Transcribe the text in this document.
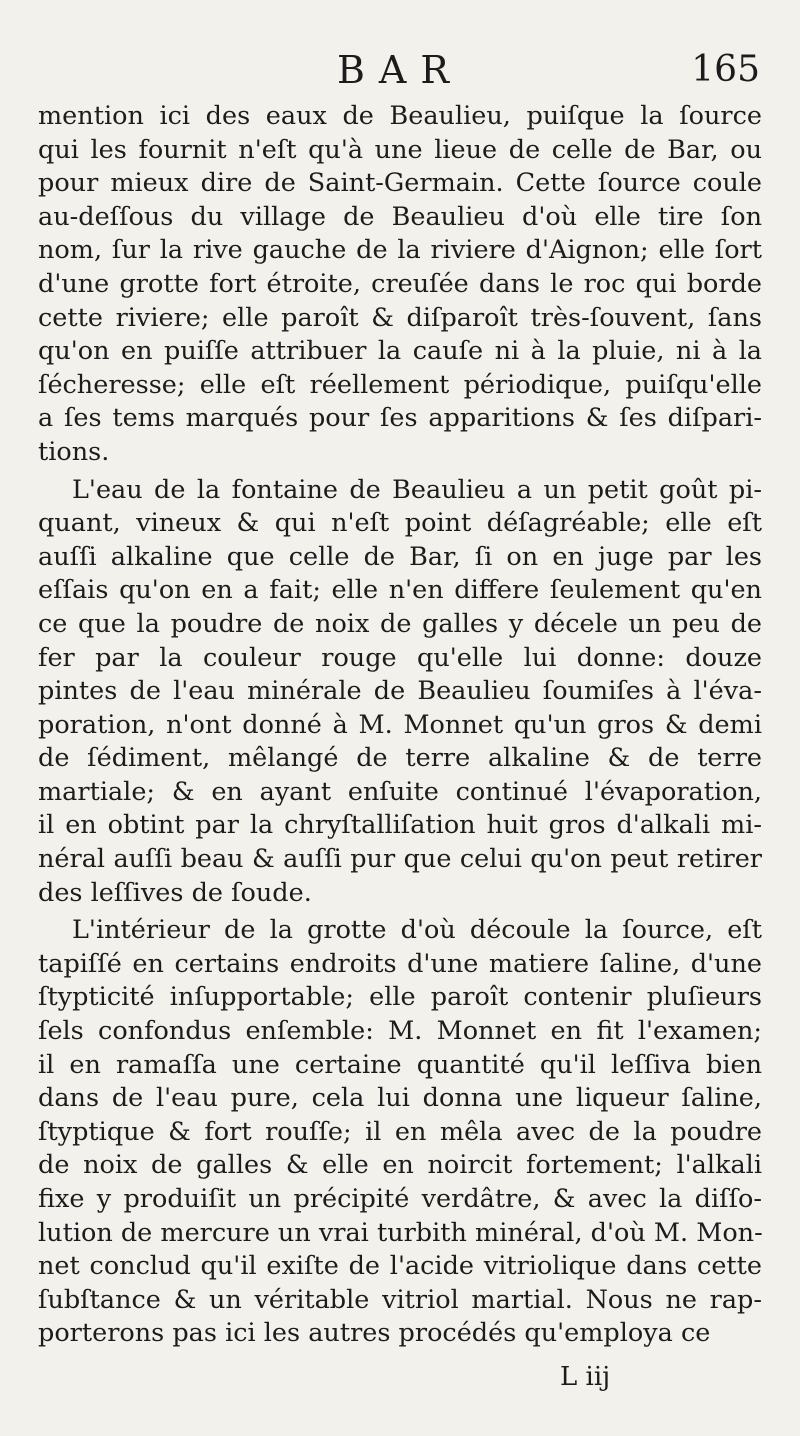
BAR	165
mention ici des eaux de Beaulieu, puiſque la ſource
qui les fournit n'eſt qu'à une lieue de celle de Bar, ou
pour mieux dire de Saint-Germain. Cette ſource coule
au-deſſous du village de Beaulieu d'où elle tire ſon
nom, ſur la rive gauche de la riviere d'Aignon; elle ſort
d'une grotte fort étroite, creuſée dans le roc qui borde
cette riviere; elle paroît & diſparoît très-ſouvent, ſans
qu'on en puiſſe attribuer la cauſe ni à la pluie, ni à la
ſécheresse; elle eſt réellement périodique, puiſqu'elle
a ſes tems marqués pour ſes apparitions & ſes diſpari-
tions.
L'eau de la fontaine de Beaulieu a un petit goût pi-
quant, vineux & qui n'eſt point déſagréable; elle eſt
auſſi alkaline que celle de Bar, ſi on en juge par les
eſſais qu'on en a fait; elle n'en differe ſeulement qu'en
ce que la poudre de noix de galles y décele un peu de
fer par la couleur rouge qu'elle lui donne: douze
pintes de l'eau minérale de Beaulieu ſoumiſes à l'éva-
poration, n'ont donné à M. Monnet qu'un gros & demi
de ſédiment, mêlangé de terre alkaline & de terre
martiale; & en ayant enſuite continué l'évaporation,
il en obtint par la chryſtalliſation huit gros d'alkali mi-
néral auſſi beau & auſſi pur que celui qu'on peut retirer
des leſſives de ſoude.
L'intérieur de la grotte d'où découle la ſource, eſt
tapiſſé en certains endroits d'une matiere ſaline, d'une
ſtypticité inſupportable; elle paroît contenir pluſieurs
ſels confondus enſemble: M. Monnet en fit l'examen;
il en ramaſſa une certaine quantité qu'il leſſiva bien
dans de l'eau pure, cela lui donna une liqueur ſaline,
ſtyptique & fort rouſſe; il en mêla avec de la poudre
de noix de galles & elle en noircit fortement; l'alkali
fixe y produiſit un précipité verdâtre, & avec la diſſo-
lution de mercure un vrai turbith minéral, d'où M. Mon-
net conclud qu'il exiſte de l'acide vitriolique dans cette
ſubſtance & un véritable vitriol martial. Nous ne rap-
porterons pas ici les autres procédés qu'employa ce
L iij
